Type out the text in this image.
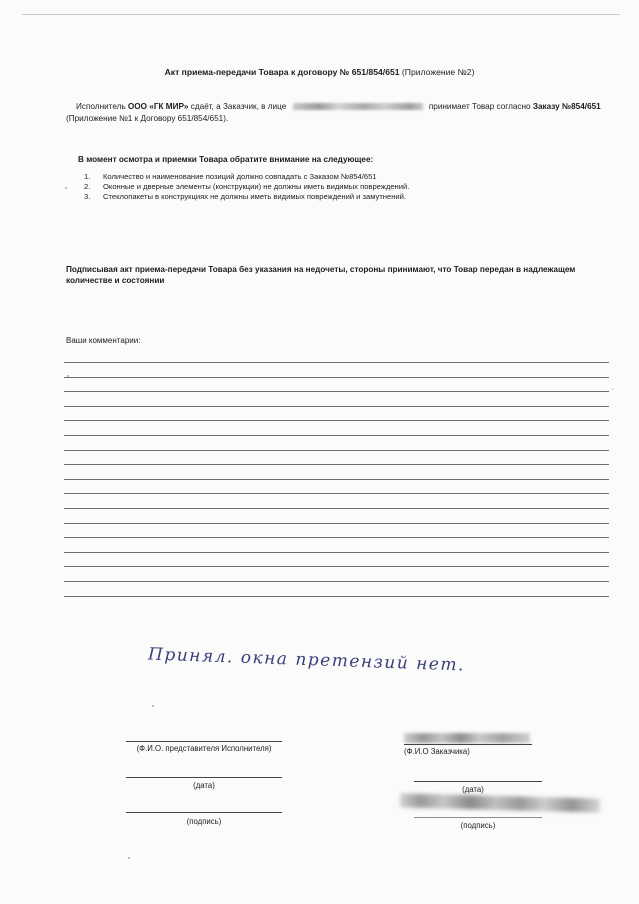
Акт приема-передачи Товара к договору № 651/854/651 (Приложение №2)
Исполнитель ООО «ГК МИР» сдаёт, а Заказчик, в лице	принимает Товар согласно Заказу №854/651 (Приложение №1 к Договору 651/854/651).
В момент осмотра и приемки Товара обратите внимание на следующее:
1.	Количество и наименование позиций должно совпадать с Заказом №854/651
2.	Оконные и дверные элементы (конструкции) не должны иметь видимых повреждений.
3.	Стеклопакеты в конструкциях не должны иметь видимых повреждений и замутнений.
Подписывая акт приема-передачи Товара без указания на недочеты, стороны принимают, что Товар передан в надлежащем количестве и состоянии
Ваши комментарии:
Принял. окна претензий нет.
(Ф.И.О. представителя Исполнителя)
(дата)
(подпись)
(Ф.И.О Заказчика)
(дата)
(подпись)
